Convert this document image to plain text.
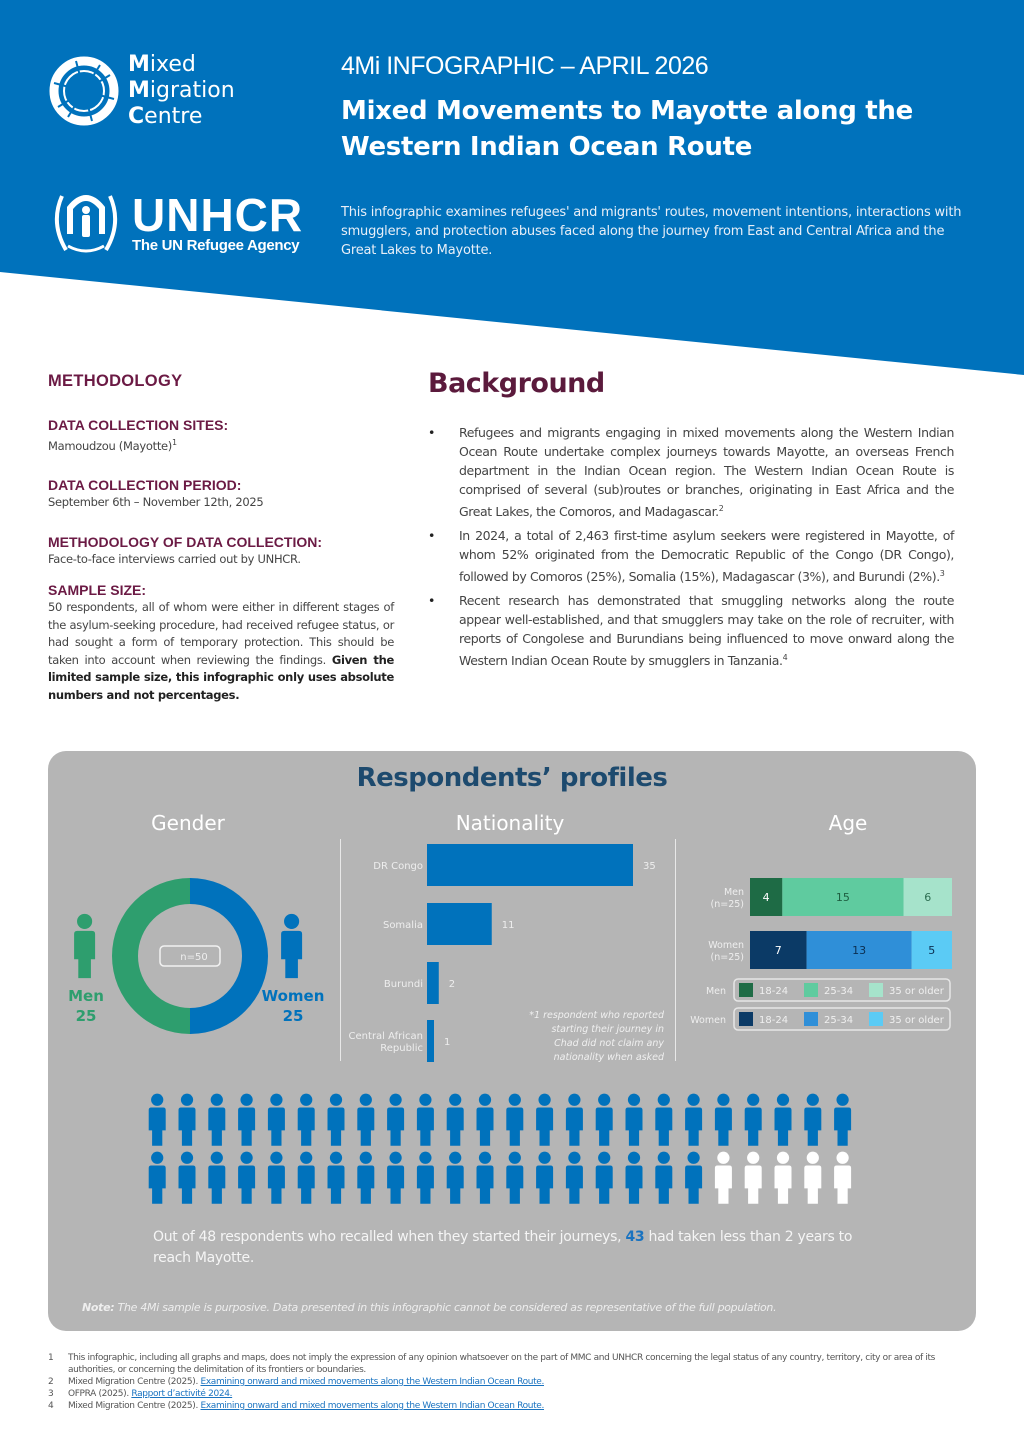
Mixed
Migration
Centre
UNHCR
The UN Refugee Agency
4Mi INFOGRAPHIC – APRIL 2026
Mixed Movements to Mayotte along the Western Indian Ocean Route

This infographic examines refugees' and migrants' routes, movement intentions, interactions with smugglers, and protection abuses faced along the journey from East and Central Africa and the Great Lakes to Mayotte.

METHODOLOGY
DATA COLLECTION SITES:
Mamoudzou (Mayotte)$^1$
DATA COLLECTION PERIOD:
September 6th – November 12th, 2025
METHODOLOGY OF DATA COLLECTION:
Face-to-face interviews carried out by UNHCR.
SAMPLE SIZE:

50 respondents, all of whom were either in different stages of the asylum-seeking procedure, had received refugee status, or had sought a form of temporary protection. This should be taken into account when reviewing the findings. Given the limited sample size, this infographic only uses absolute numbers and not percentages.

Background
• Refugees and migrants engaging in mixed movements along the Western Indian Ocean Route undertake complex journeys towards Mayotte, an overseas French department in the Indian Ocean region. The Western Indian Ocean Route is comprised of several (sub)routes or branches, originating in East Africa and the Great Lakes, the Comoros, and Madagascar.$^2$
• In 2024, a total of 2,463 first-time asylum seekers were registered in Mayotte, of whom 52% originated from the Democratic Republic of the Congo (DR Congo), followed by Comoros (25%), Somalia (15%), Madagascar (3%), and Burundi (2%).$^3$
• Recent research has demonstrated that smuggling networks along the route appear well-established, and that smugglers may take on the role of recruiter, with reports of Congolese and Burundians being influenced to move onward along the Western Indian Ocean Route by smugglers in Tanzania.$^4$
Respondents’ profiles
Gender	Nationality	Age
n=50
Men
25
Women
25
DR Congo	35
Somalia	11
Burundi	2
Central African
Republic
1
*1 respondent who reported
starting their journey in
Chad did not claim any
nationality when asked
4	15	6
Men
(n=25)
7	13	5
Women
(n=25)
Men	18-24	25-34	35 or older
Women	18-24	25-34	35 or older

Out of 48 respondents who recalled when they started their journeys, 43 had taken less than 2 years to reach Mayotte.

Note: The 4Mi sample is purposive. Data presented in this infographic cannot be considered as representative of the full population.

1	This infographic, including all graphs and maps, does not imply the expression of any opinion whatsoever on the part of MMC and UNHCR concerning the legal status of any country, territory, city or area of its authorities, or concerning the delimitation of its frontiers or boundaries.
2	Mixed Migration Centre (2025). Examining onward and mixed movements along the Western Indian Ocean Route.
3	OFPRA (2025). Rapport d’activité 2024.
4	Mixed Migration Centre (2025). Examining onward and mixed movements along the Western Indian Ocean Route.
